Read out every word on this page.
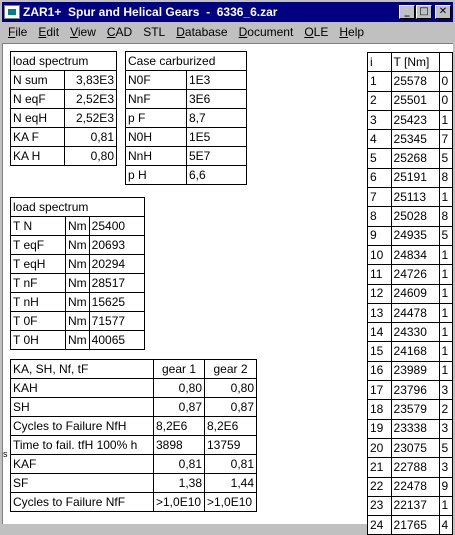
ZAR1+  Spur and Helical Gears  -  6336_6.zar	_ □	✕
File Edit View CAD STL Database Document OLE Help
load spectrum	
N sum	3,83E3
N eqF	2,52E3
N eqH	2,52E3
KA F	0,81
KA H	0,80
Case carburized	
N0F	1E3
NnF	3E6
p F	8,7
N0H	1E5
NnH	5E7
p H	6,6
load spectrum		
T N	Nm	25400
T eqF	Nm	20693
T eqH	Nm	20294
T nF	Nm	28517
T nH	Nm	15625
T 0F	Nm	71577
T 0H	Nm	40065
s
KA, SH, Nf, tF	gear 1	gear 2
KAH	0,80	0,80
SH	0,87	0,87
Cycles to Failure NfH	8,2E6	8,2E6
Time to fail. tfH 100% h	3898	13759
KAF	0,81	0,81
SF	1,38	1,44
Cycles to Failure NfF	>1,0E10	>1,0E10
i	T [Nm]	
1	25578	0
2	25501	0
3	25423	1
4	25345	7
5	25268	5
6	25191	8
7	25113	1
8	25028	8
9	24935	5
10	24834	1
11	24726	1
12	24609	1
13	24478	1
14	24330	1
15	24168	1
16	23989	1
17	23796	3
18	23579	2
19	23338	3
20	23075	5
21	22788	3
22	22478	9
23	22137	1
24	21765	4
